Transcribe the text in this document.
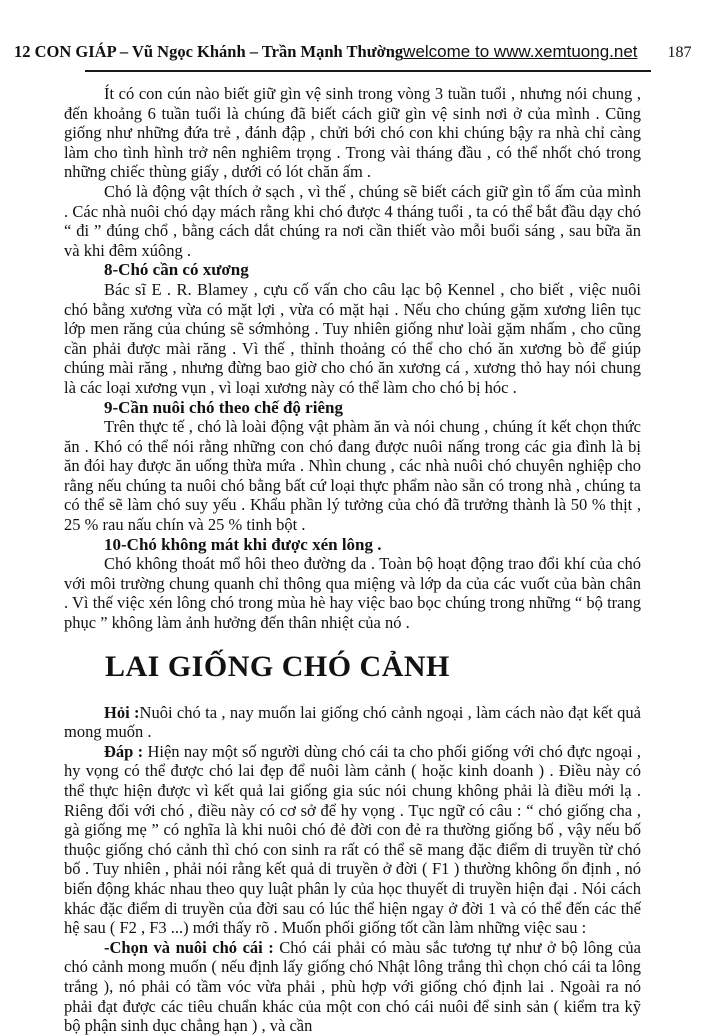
12 CON GIÁP – Vũ Ngọc Khánh – Trần Mạnh Thường welcome to www.xemtuong.net 187

Ít có con cún nào biết giữ gìn vệ sinh trong vòng 3 tuần tuổi , nhưng nói chung , đến khoảng 6 tuần tuổi là chúng đã biết cách giữ gìn vệ sinh nơi ở của mình . Cũng giống như những đứa trẻ , đánh đập , chửi bới chó con khi chúng bậy ra nhà chỉ càng làm cho tình hình trở nên nghiêm trọng . Trong vài tháng đầu , có thể nhốt chó trong những chiếc thùng giấy , dưới có lót chăn ấm .

Chó là động vật thích ở sạch , vì thế , chúng sẽ biết cách giữ gìn tổ ấm của mình . Các nhà nuôi chó dạy mách rằng khi chó được 4 tháng tuổi , ta có thể bắt đầu dạy chó “ đi ” đúng chổ , bằng cách dắt chúng ra nơi cần thiết vào mỗi buổi sáng , sau bữa ăn và khi đêm xúông .

8-Chó cần có xương

Bác sĩ E . R. Blamey , cựu cố vấn cho câu lạc bộ Kennel , cho biết , việc nuôi chó bằng xương vừa có mặt lợi , vừa có mặt hại . Nếu cho chúng gặm xương liên tục lớp men răng của chúng sẽ sớmhỏng . Tuy nhiên giống như loài gặm nhấm , cho cũng cần phải được mài răng . Vì thế , thỉnh thoảng có thể cho chó ăn xương bò để giúp chúng mài răng , nhưng đừng bao giờ cho chó ăn xương cá , xương thỏ hay nói chung là các loại xương vụn , vì loại xương này có thể làm cho chó bị hóc .

9-Cần nuôi chó theo chế độ riêng

Trên thực tế , chó là loài động vật phàm ăn và nói chung , chúng ít kết chọn thức ăn . Khó có thể nói rằng những con chó đang được nuôi nấng trong các gia đình là bị ăn đói hay được ăn uống thừa mứa . Nhìn chung , các nhà nuôi chó chuyên nghiệp cho rằng nếu chúng ta nuôi chó bằng bất cứ loại thực phẩm nào sẵn có trong nhà , chúng ta có thể sẽ làm chó suy yếu . Khẩu phần lý tưởng của chó đã trưởng thành là 50 % thịt , 25 % rau nấu chín và 25 % tinh bột .

10-Chó không mát khi được xén lông .

Chó không thoát mổ hôi theo đường da . Toàn bộ hoạt động trao đổi khí của chó với môi trường chung quanh chỉ thông qua miệng và lớp da của các vuốt của bàn chân . Vì thế việc xén lông chó trong mùa hè hay việc bao bọc chúng trong những “ bộ trang phục ” không làm ảnh hưởng đến thân nhiệt của nó .

LAI GIỐNG CHÓ CẢNH

Hỏi :Nuôi chó ta , nay muốn lai giống chó cảnh ngoại , làm cách nào đạt kết quả mong muốn .

Đáp : Hiện nay một số người dùng chó cái ta cho phối giống với chó đực ngoại , hy vọng có thể được chó lai đẹp để nuôi làm cảnh ( hoặc kinh doanh ) . Điều này có thể thực hiện được vì kết quả lai giống gia súc nói chung không phải là điều mới lạ . Riêng đối với chó , điều này có cơ sở để hy vọng . Tục ngữ có câu : “ chó giống cha , gà giống mẹ ” có nghĩa là khi nuôi chó đẻ đời con đẻ ra thường giống bố , vậy nếu bố thuộc giống chó cảnh thì chó con sinh ra rất có thể sẽ mang đặc điểm di truyền từ chó bố . Tuy nhiên , phải nói rằng kết quả di truyền ở đời ( F1 ) thường không ổn định , nó biến động khác nhau theo quy luật phân ly của học thuyết di truyền hiện đại . Nói cách khác đặc điểm di truyền của đời sau có lúc thể hiện ngay ở đời 1 và có thể đến các thế hệ sau ( F2 , F3 ...) mới thấy rõ . Muốn phối giống tốt cần làm những việc sau :

-Chọn và nuôi chó cái : Chó cái phải có màu sắc tương tự như ở bộ lông của chó cảnh mong muốn ( nếu định lấy giống chó Nhật lông trắng thì chọn chó cái ta lông trắng ), nó phải có tầm vóc vừa phải , phù hợp với giống chó định lai . Ngoài ra nó phải đạt được các tiêu chuẩn khác của một con chó cái nuôi để sinh sản ( kiểm tra kỹ bộ phận sinh dục chẳng hạn ) , và cần
